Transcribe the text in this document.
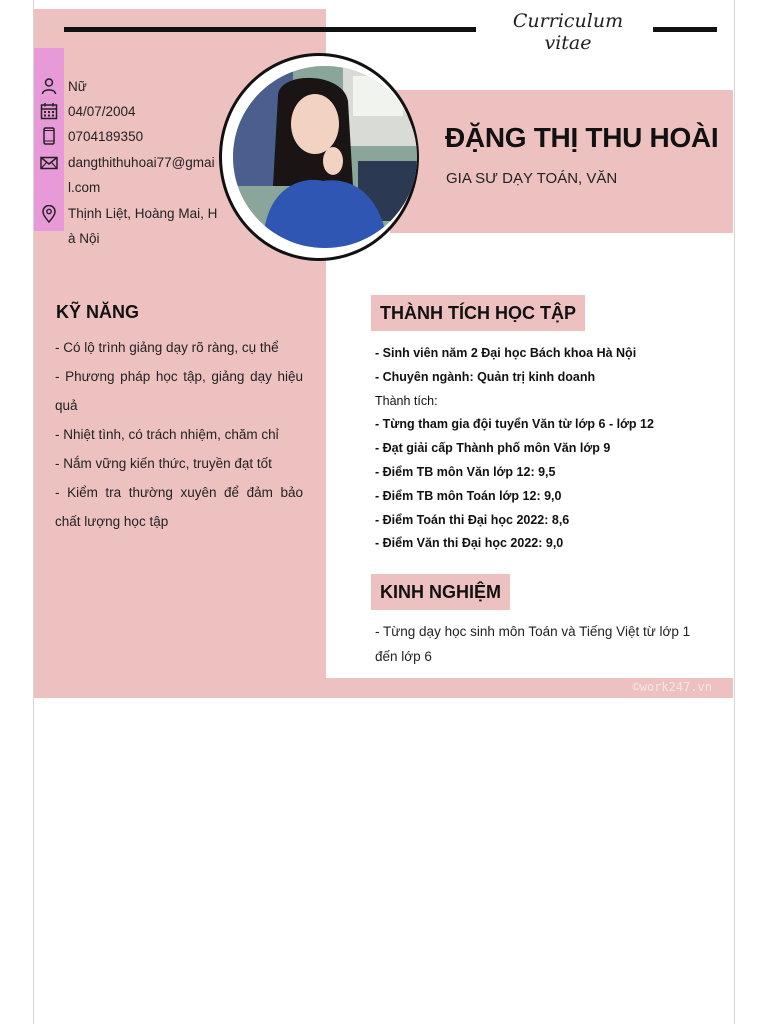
©work247.vn
Curriculum vitae
ĐẶNG THỊ THU HOÀI
GIA SƯ DẠY TOÁN, VĂN
Nữ
04/07/2004
0704189350
dangthithuhoai77@gmail.com
Thịnh Liệt, Hoàng Mai, Hà Nội
KỸ NĂNG
- Có lộ trình giảng dạy rõ ràng, cụ thể
- Phương pháp học tập, giảng dạy hiệu quả
- Nhiệt tình, có trách nhiệm, chăm chỉ
- Nắm vững kiến thức, truyền đạt tốt
- Kiểm tra thường xuyên để đảm bảo chất lượng học tập
THÀNH TÍCH HỌC TẬP
- Sinh viên năm 2 Đại học Bách khoa Hà Nội
- Chuyên ngành: Quản trị kinh doanh
Thành tích:
- Từng tham gia đội tuyển Văn từ lớp 6 - lớp 12
- Đạt giải cấp Thành phố môn Văn lớp 9
- Điểm TB môn Văn lớp 12: 9,5
- Điểm TB môn Toán lớp 12: 9,0
- Điểm Toán thi Đại học 2022: 8,6
- Điểm Văn thi Đại học 2022: 9,0
KINH NGHIỆM
- Từng dạy học sinh môn Toán và Tiếng Việt từ lớp 1 đến lớp 6
